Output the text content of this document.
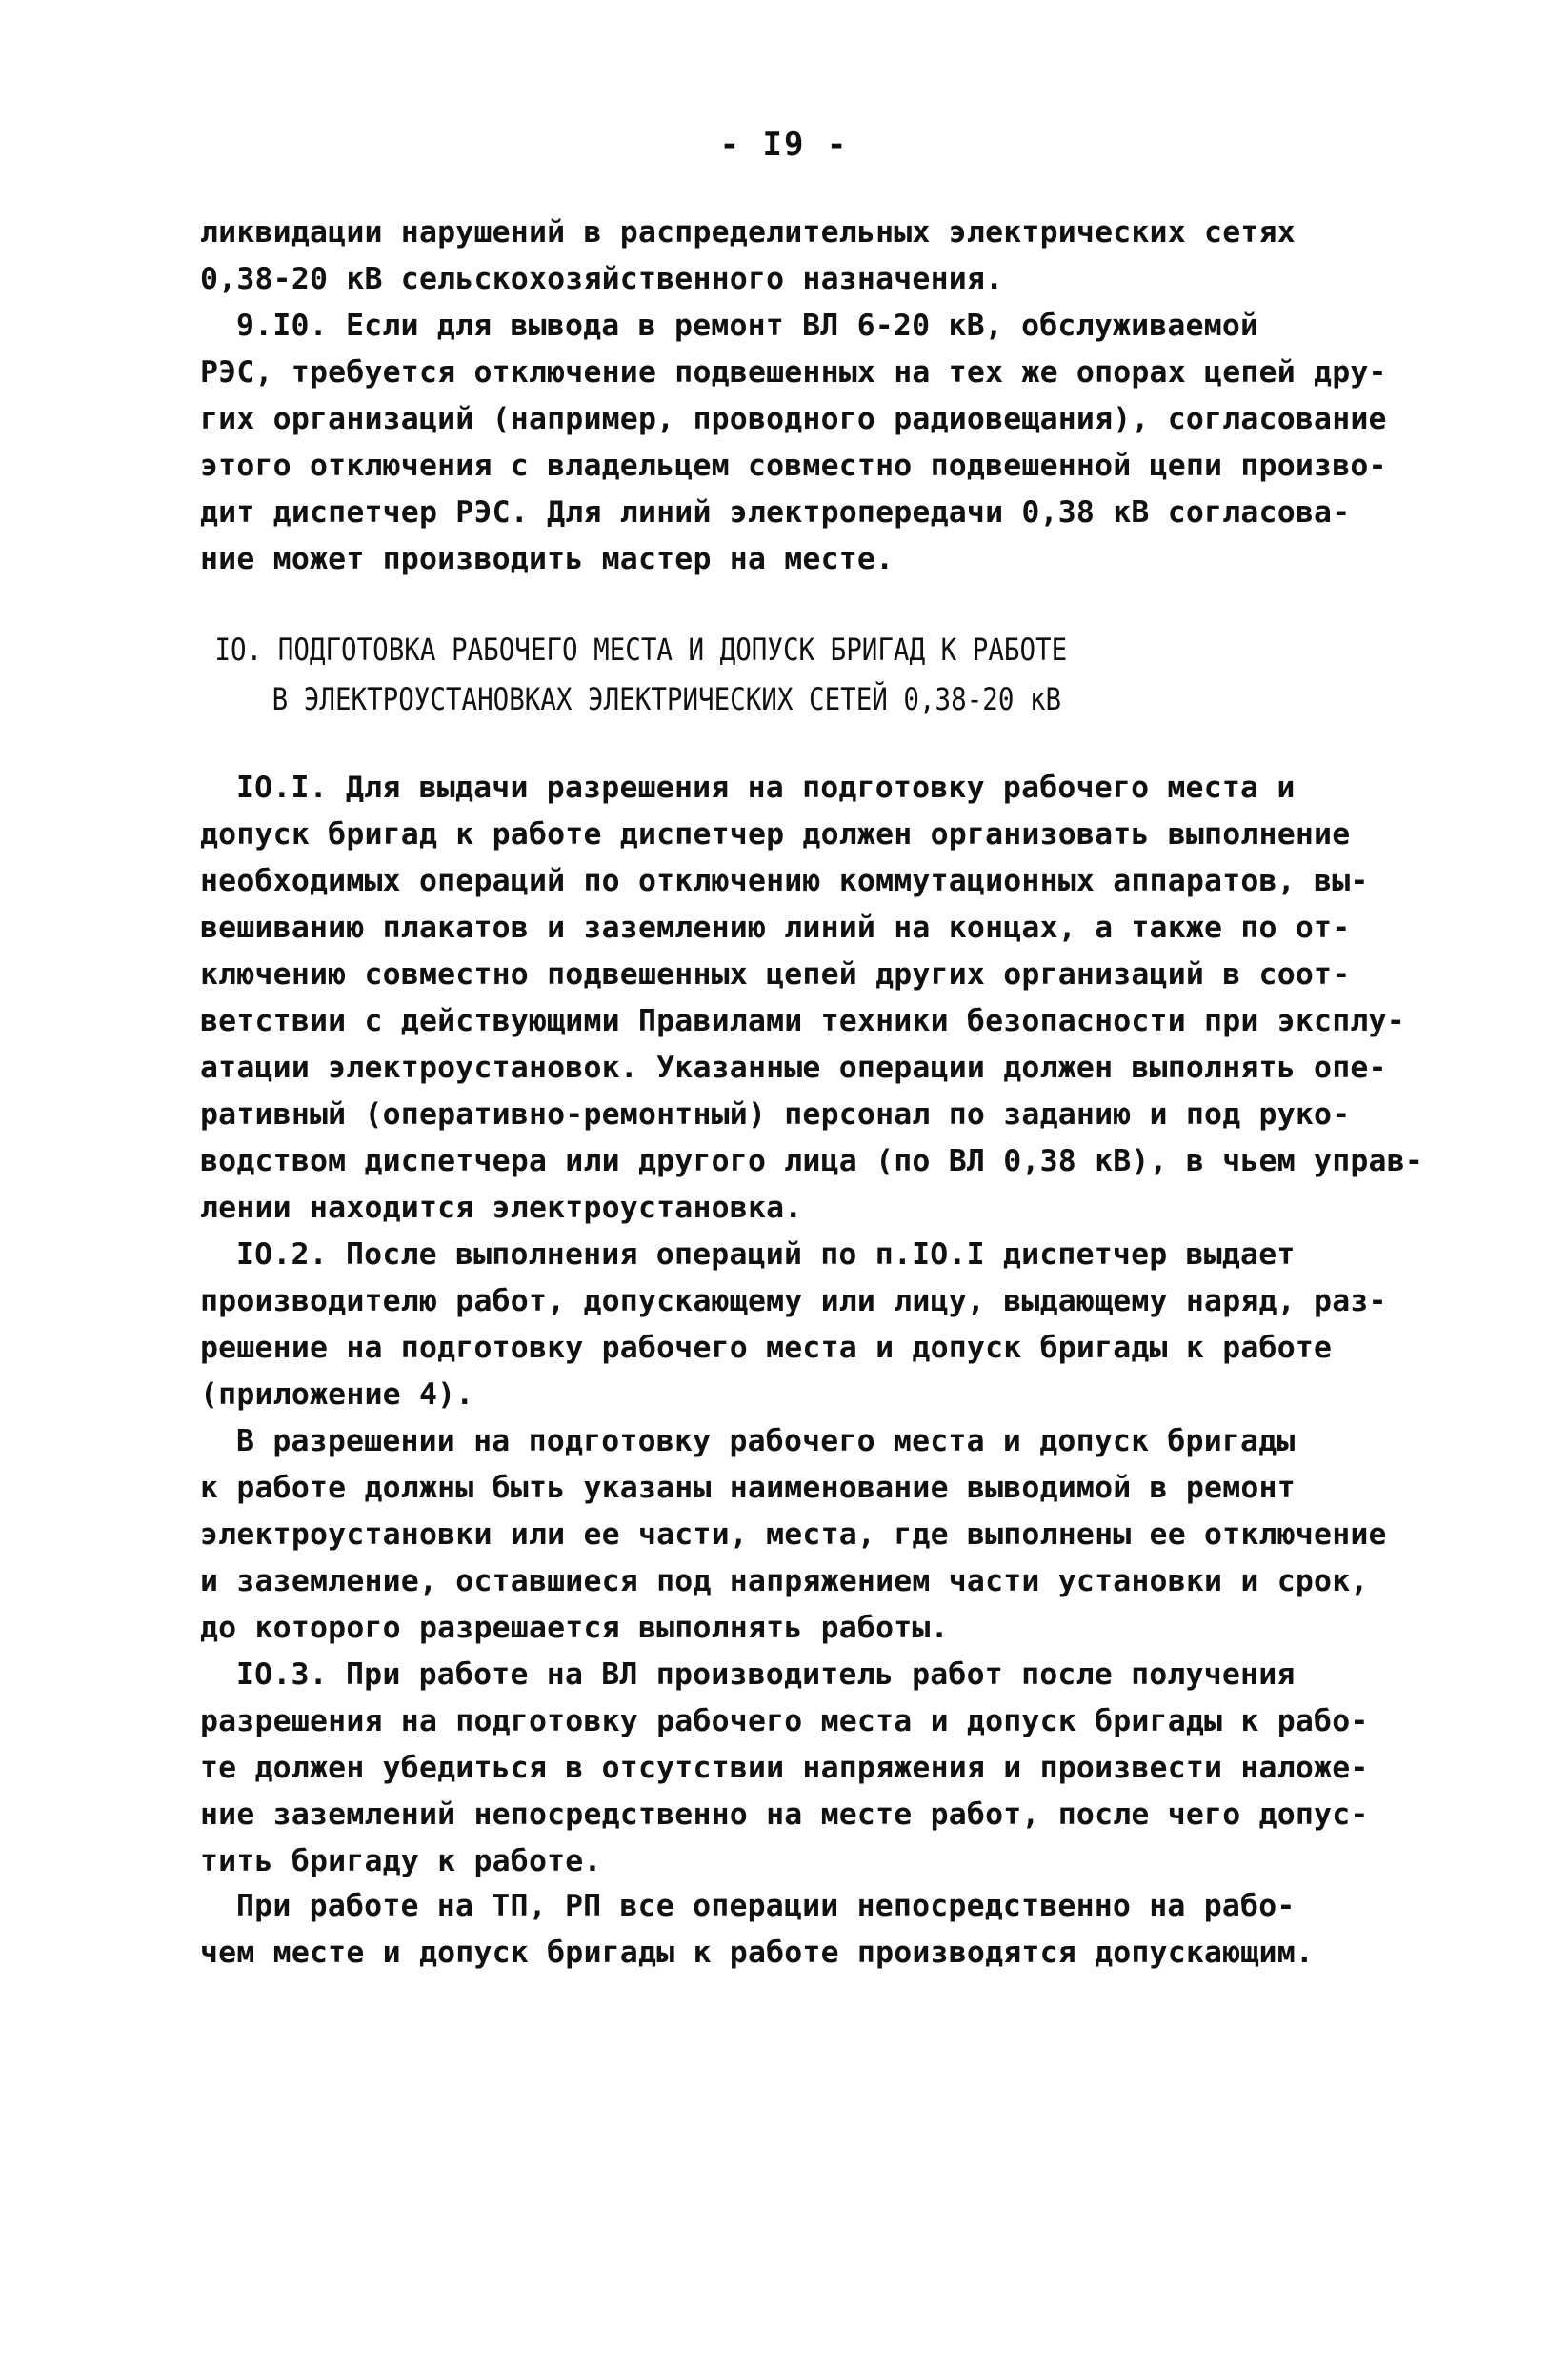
- I9 -
ликвидации нарушений в распределительных электрических сетях
0,38-20 кВ сельскохозяйственного назначения.
9.I0. Если для вывода в ремонт ВЛ 6-20 кВ, обслуживаемой
РЭС, требуется отключение подвешенных на тех же опорах цепей дру-
гих организаций (например, проводного радиовещания), согласование
этого отключения с владельцем совместно подвешенной цепи произво-
дит диспетчер РЭС. Для линий электропередачи 0,38 кВ согласова-
ние может производить мастер на месте.
IO. ПОДГОТОВКА РАБОЧЕГО МЕСТА И ДОПУСК БРИГАД К РАБОТЕ
В ЭЛЕКТРОУСТАНОВКАХ ЭЛЕКТРИЧЕСКИХ СЕТЕЙ 0,38-20 кВ
IO.I. Для выдачи разрешения на подготовку рабочего места и
допуск бригад к работе диспетчер должен организовать выполнение
необходимых операций по отключению коммутационных аппаратов, вы-
вешиванию плакатов и заземлению линий на концах, а также по от-
ключению совместно подвешенных цепей других организаций в соот-
ветствии с действующими Правилами техники безопасности при эксплу-
атации электроустановок. Указанные операции должен выполнять опе-
ративный (оперативно-ремонтный) персонал по заданию и под руко-
водством диспетчера или другого лица (по ВЛ 0,38 кВ), в чьем управ-
лении находится электроустановка.
IO.2. После выполнения операций по п.IO.I диспетчер выдает
производителю работ, допускающему или лицу, выдающему наряд, раз-
решение на подготовку рабочего места и допуск бригады к работе
(приложение 4).
В разрешении на подготовку рабочего места и допуск бригады
к работе должны быть указаны наименование выводимой в ремонт
электроустановки или ее части, места, где выполнены ее отключение
и заземление, оставшиеся под напряжением части установки и срок,
до которого разрешается выполнять работы.
IO.3. При работе на ВЛ производитель работ после получения
разрешения на подготовку рабочего места и допуск бригады к рабо-
те должен убедиться в отсутствии напряжения и произвести наложе-
ние заземлений непосредственно на месте работ, после чего допус-
тить бригаду к работе.
При работе на ТП, РП все операции непосредственно на рабо-
чем месте и допуск бригады к работе производятся допускающим.
